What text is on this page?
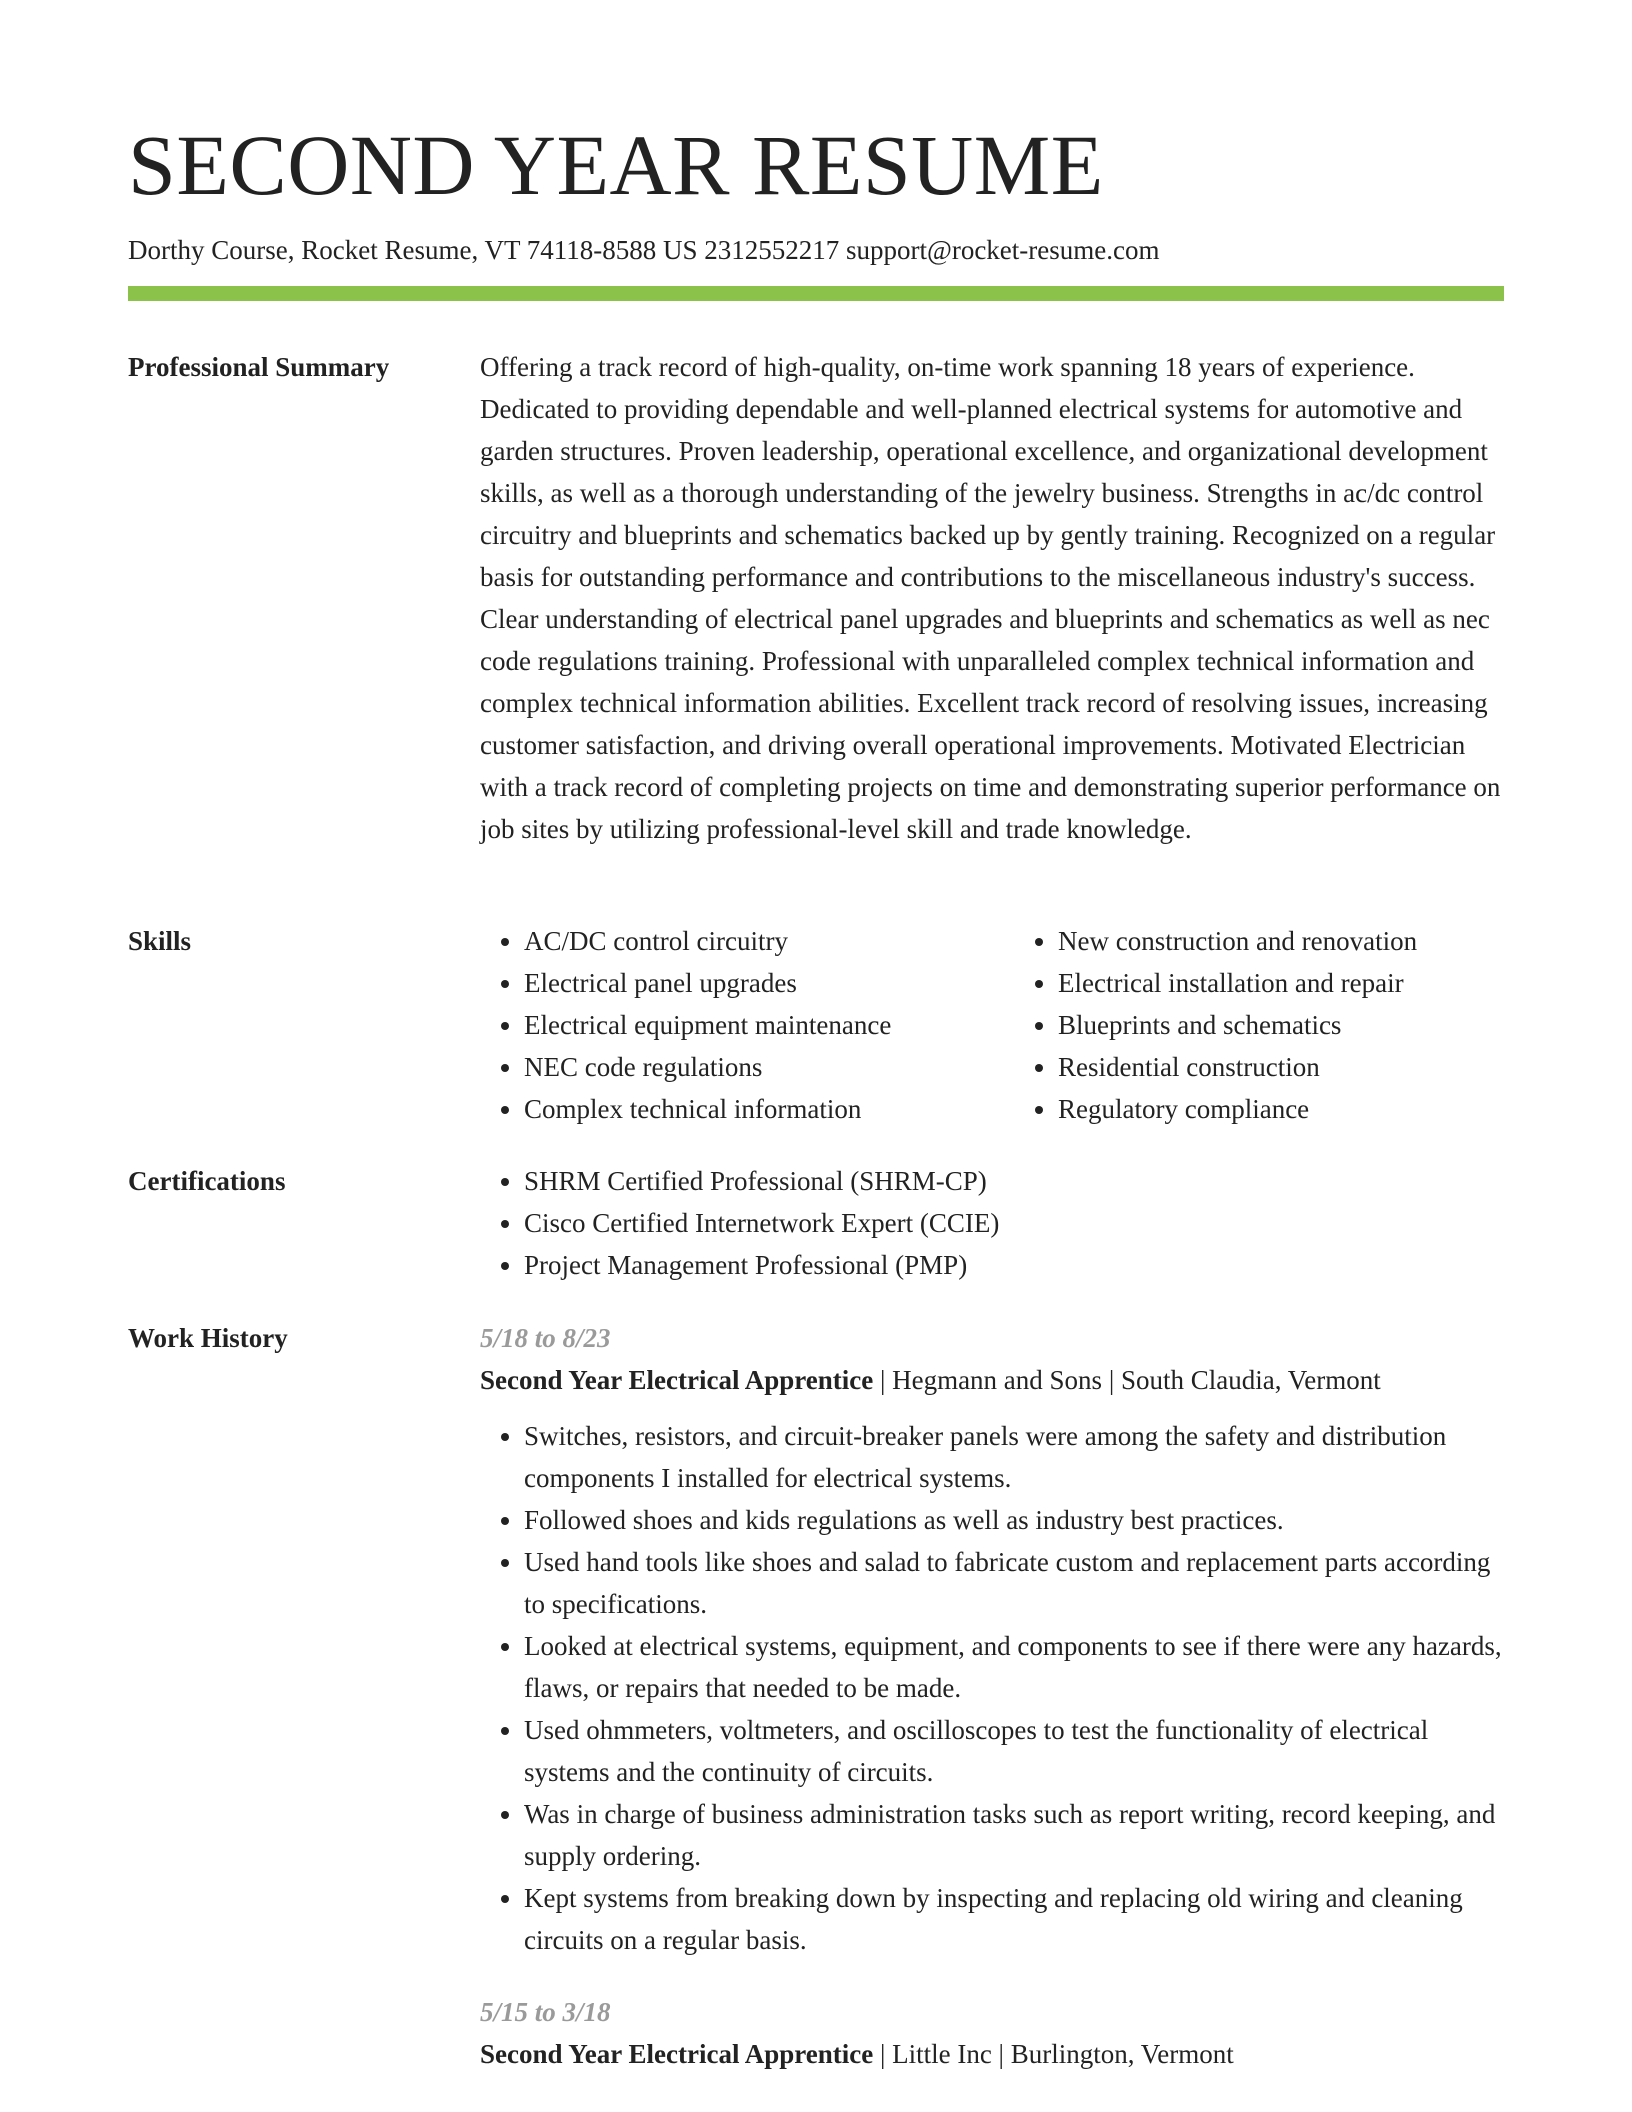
SECOND YEAR RESUME
Dorthy Course, Rocket Resume, VT 74118-8588 US 2312552217 support@rocket-resume.com
Professional Summary	Offering a track record of high-quality, on-time work spanning 18 years of experience. Dedicated to providing dependable and well-planned electrical systems for automotive and garden structures. Proven leadership, operational excellence, and organizational development skills, as well as a thorough understanding of the jewelry business. Strengths in ac/dc control circuitry and blueprints and schematics backed up by gently training. Recognized on a regular basis for outstanding performance and contributions to the miscellaneous industry's success. Clear understanding of electrical panel upgrades and blueprints and schematics as well as nec code regulations training. Professional with unparalleled complex technical information and complex technical information abilities. Excellent track record of resolving issues, increasing customer satisfaction, and driving overall operational improvements. Motivated Electrician with a track record of completing projects on time and demonstrating superior performance on job sites by utilizing professional-level skill and trade knowledge.

Skills	• AC/DC control circuitry
• Electrical panel upgrades
• Electrical equipment maintenance
• NEC code regulations
• Complex technical information
• New construction and renovation
• Electrical installation and repair
• Blueprints and schematics
• Residential construction
• Regulatory compliance
Certifications	• SHRM Certified Professional (SHRM-CP)
• Cisco Certified Internetwork Expert (CCIE)
• Project Management Professional (PMP)
Work History	5/18 to 8/23
Second Year Electrical Apprentice | Hegmann and Sons | South Claudia, Vermont
• Switches, resistors, and circuit-breaker panels were among the safety and distribution components I installed for electrical systems.
• Followed shoes and kids regulations as well as industry best practices.
• Used hand tools like shoes and salad to fabricate custom and replacement parts according to specifications.
• Looked at electrical systems, equipment, and components to see if there were any hazards, flaws, or repairs that needed to be made.
• Used ohmmeters, voltmeters, and oscilloscopes to test the functionality of electrical systems and the continuity of circuits.
• Was in charge of business administration tasks such as report writing, record keeping, and supply ordering.
• Kept systems from breaking down by inspecting and replacing old wiring and cleaning circuits on a regular basis.
5/15 to 3/18
Second Year Electrical Apprentice | Little Inc | Burlington, Vermont
